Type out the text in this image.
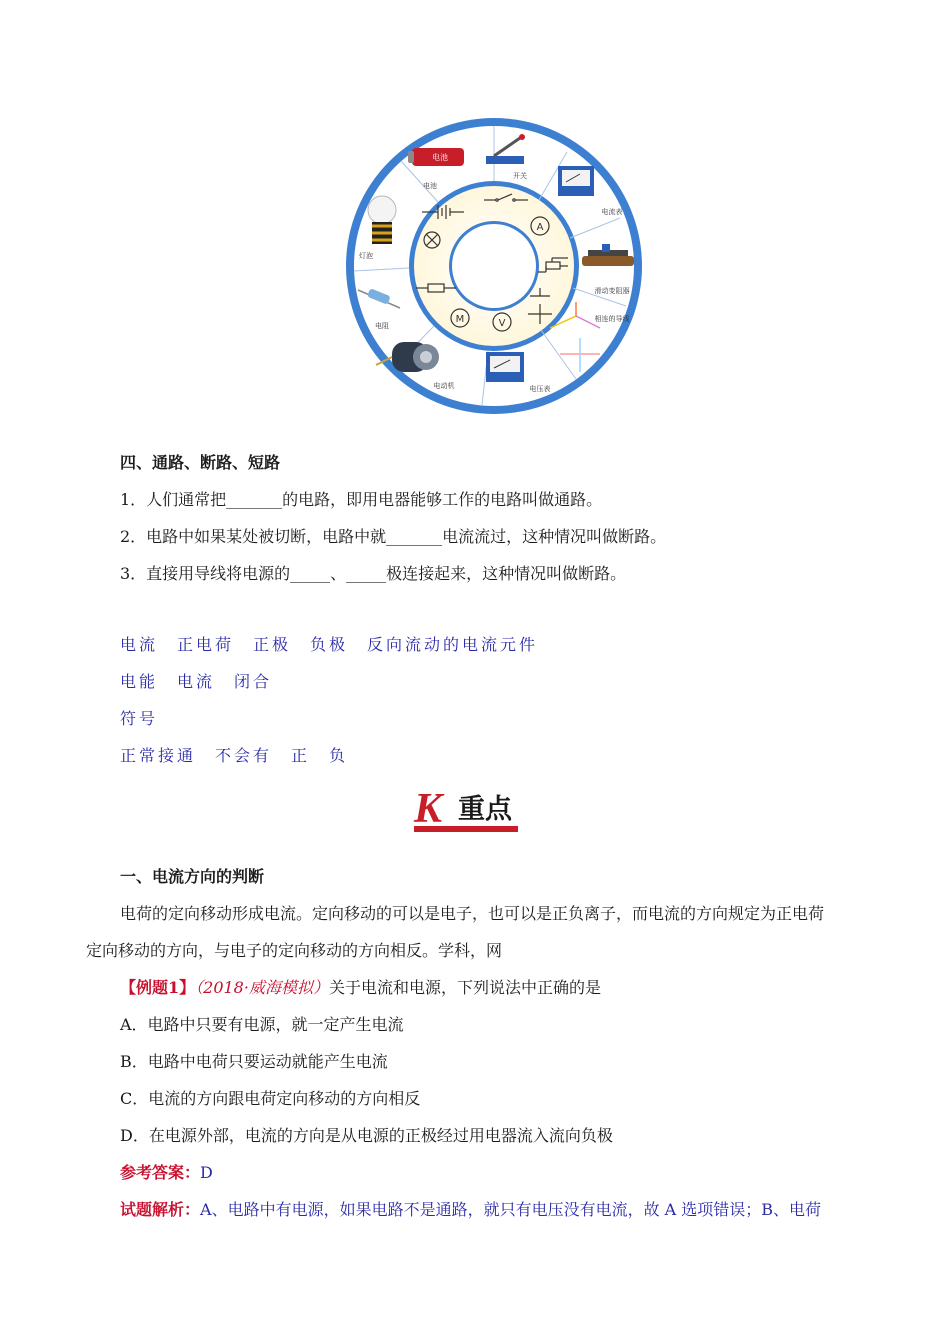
电池
电池
开关
电流表
滑动变阻器
相连的导线
电压表
电动机
电阻
灯泡
A
V
M
四、通路、断路、短路
1．人们通常把_______的电路，即用电器能够工作的电路叫做通路。
2．电路中如果某处被切断，电路中就_______电流流过，这种情况叫做断路。
3．直接用导线将电源的_____、_____极连接起来，这种情况叫做断路。
电流　正电荷　正极　负极　反向流动的电流元件
电能　电流　闭合
符号
正常接通　不会有　正　负
K 重点
一、电流方向的判断
电荷的定向移动形成电流。定向移动的可以是电子，也可以是正负离子，而电流的方向规定为正电荷
定向移动的方向，与电子的定向移动的方向相反。学科，网
【例题1】（2018·威海模拟）关于电流和电源，下列说法中正确的是
A．电路中只要有电源，就一定产生电流
B．电路中电荷只要运动就能产生电流
C．电流的方向跟电荷定向移动的方向相反
D．在电源外部，电流的方向是从电源的正极经过用电器流入流向负极
参考答案：D
试题解析：A、电路中有电源，如果电路不是通路，就只有电压没有电流，故 A 选项错误；B、电荷
